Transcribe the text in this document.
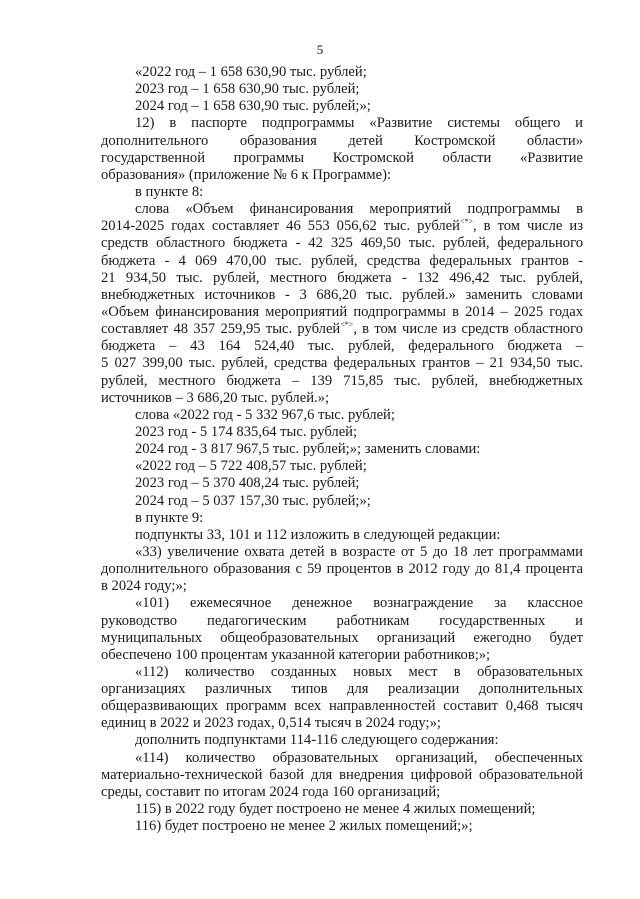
5
«2022 год – 1 658 630,90 тыс. рублей;
2023 год – 1 658 630,90 тыс. рублей;
2024 год – 1 658 630,90 тыс. рублей;»;
12) в паспорте подпрограммы «Развитие системы общего и
дополнительного образования детей Костромской области»
государственной программы Костромской области «Развитие
образования» (приложение № 6 к Программе):
в пункте 8:
слова «Объем финансирования мероприятий подпрограммы в
2014-2025 годах составляет 46 553 056,62 тыс. рублей<*>, в том числе из
средств областного бюджета - 42 325 469,50 тыс. рублей, федерального
бюджета - 4 069 470,00 тыс. рублей, средства федеральных грантов -
21 934,50 тыс. рублей, местного бюджета - 132 496,42 тыс. рублей,
внебюджетных источников - 3 686,20 тыс. рублей.» заменить словами
«Объем финансирования мероприятий подпрограммы в 2014 – 2025 годах
составляет 48 357 259,95 тыс. рублей<*>, в том числе из средств областного
бюджета – 43 164 524,40 тыс. рублей, федерального бюджета –
5 027 399,00 тыс. рублей, средства федеральных грантов – 21 934,50 тыс.
рублей, местного бюджета – 139 715,85 тыс. рублей, внебюджетных
источников – 3 686,20 тыс. рублей.»;
слова «2022 год - 5 332 967,6 тыс. рублей;
2023 год - 5 174 835,64 тыс. рублей;
2024 год - 3 817 967,5 тыс. рублей;»; заменить словами:
«2022 год – 5 722 408,57 тыс. рублей;
2023 год – 5 370 408,24 тыс. рублей;
2024 год – 5 037 157,30 тыс. рублей;»;
в пункте 9:
подпункты 33, 101 и 112 изложить в следующей редакции:
«33) увеличение охвата детей в возрасте от 5 до 18 лет программами
дополнительного образования с 59 процентов в 2012 году до 81,4 процента
в 2024 году;»;
«101) ежемесячное денежное вознаграждение за классное
руководство педагогическим работникам государственных и
муниципальных общеобразовательных организаций ежегодно будет
обеспечено 100 процентам указанной категории работников;»;
«112) количество созданных новых мест в образовательных
организациях различных типов для реализации дополнительных
общеразвивающих программ всех направленностей составит 0,468 тысяч
единиц в 2022 и 2023 годах, 0,514 тысяч в 2024 году;»;
дополнить подпунктами 114-116 следующего содержания:
«114) количество образовательных организаций, обеспеченных
материально-технической базой для внедрения цифровой образовательной
среды, составит по итогам 2024 года 160 организаций;
115) в 2022 году будет построено не менее 4 жилых помещений;
116) будет построено не менее 2 жилых помещений;»;
